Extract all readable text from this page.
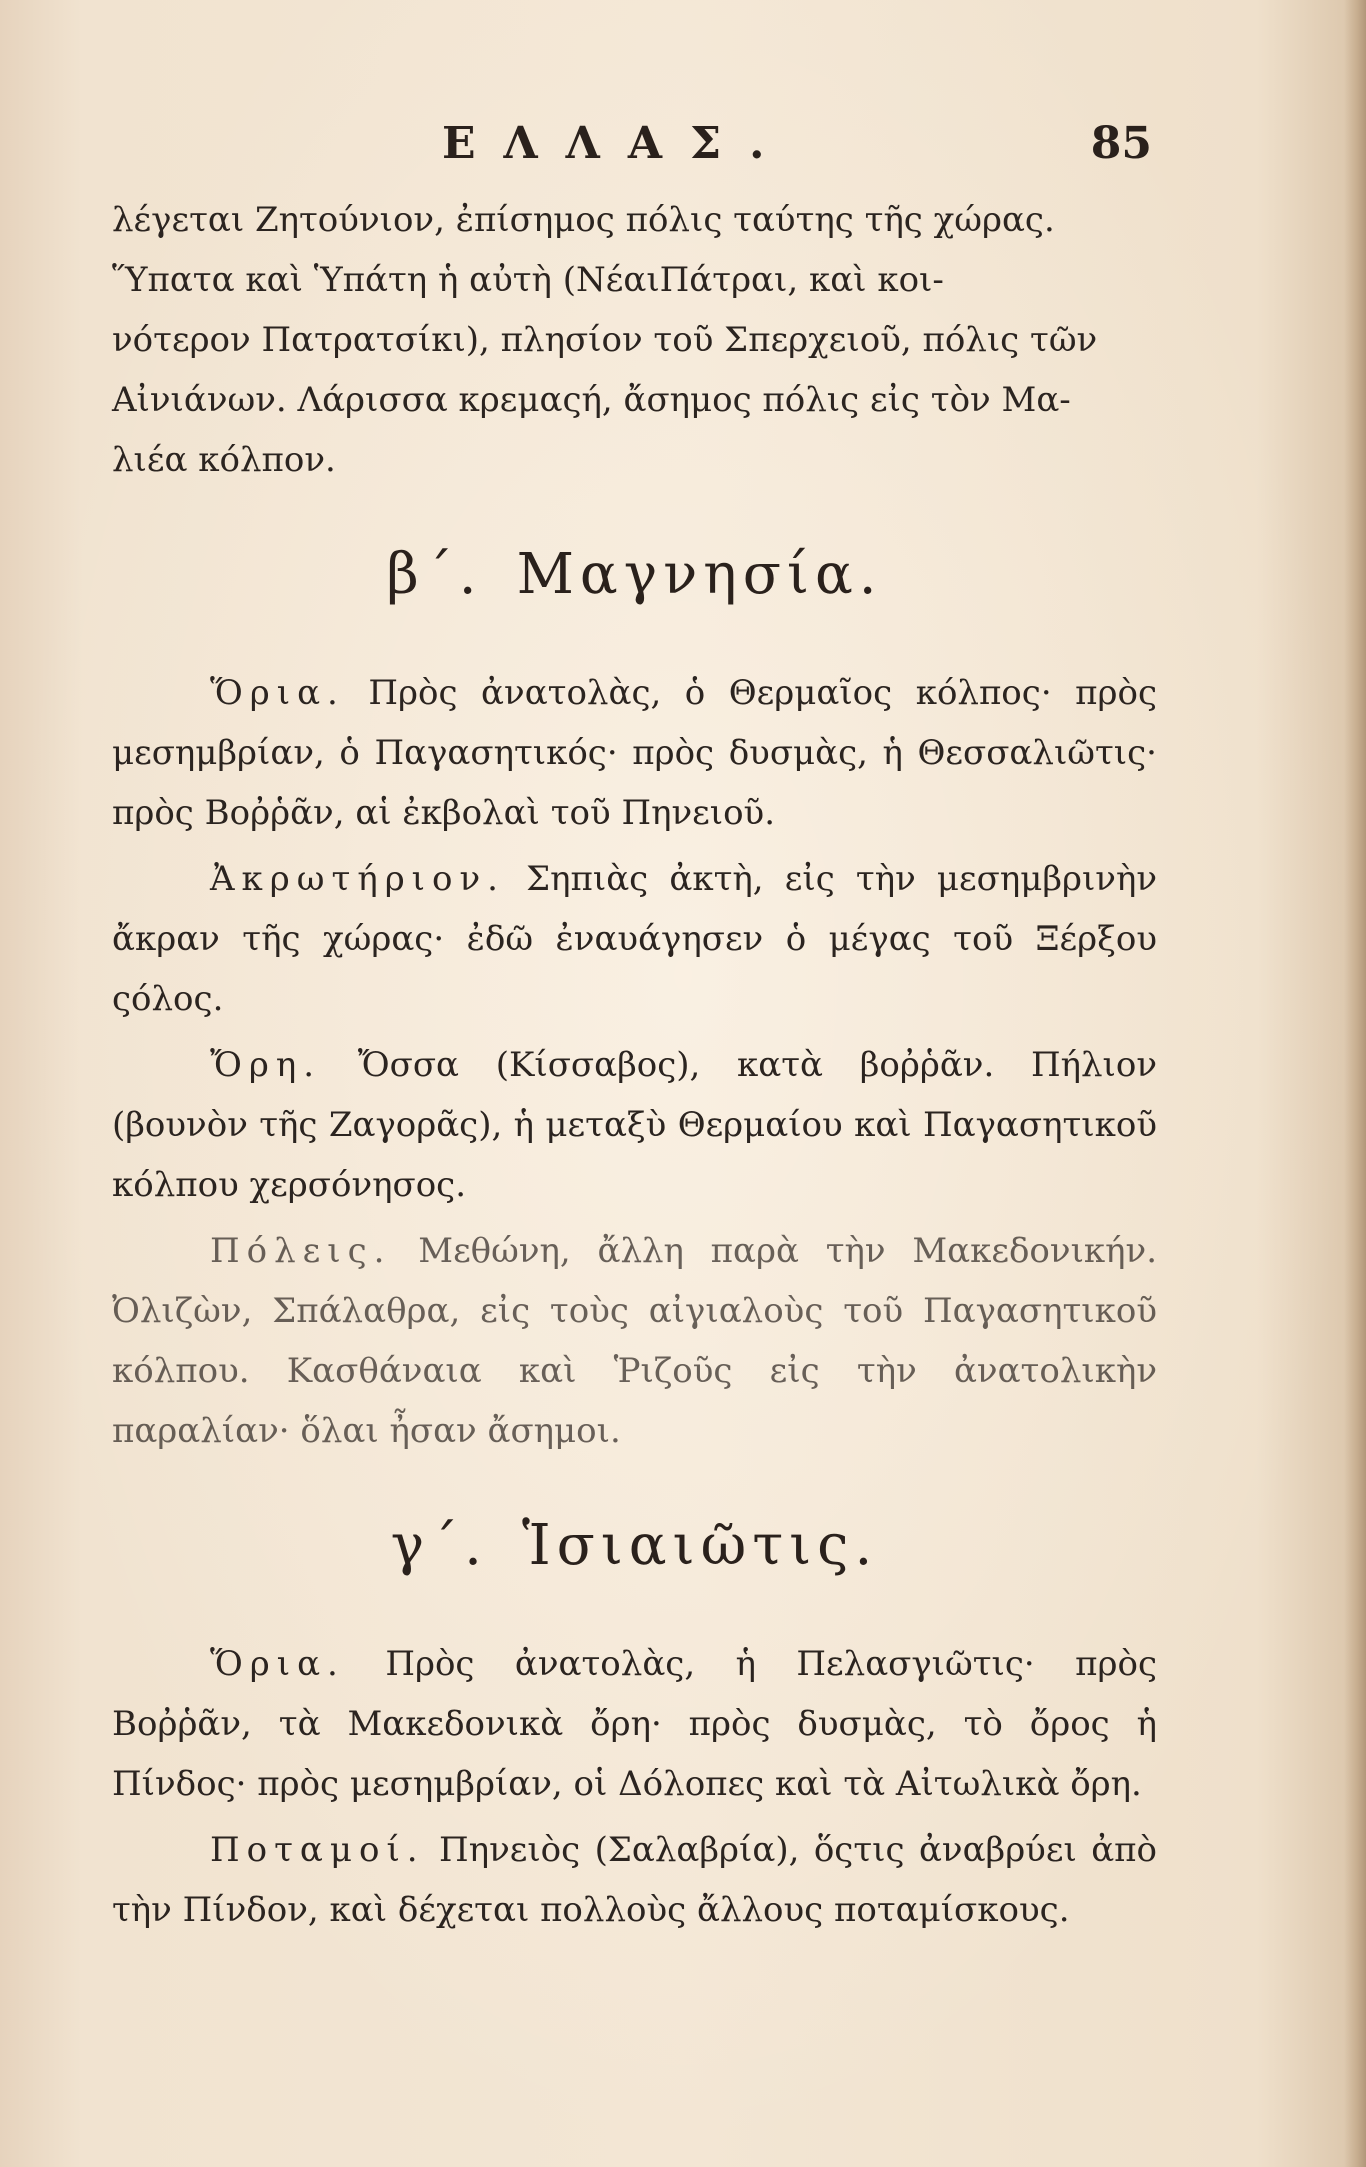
ΕΛΛΑΣ.	85

λέγεται Ζητούνιον, ἐπίσημος πόλις ταύτης τῆς χώρας.

Ὕπατα καὶ Ὑπάτη ἡ αὐτὴ (ΝέαιΠάτραι, καὶ κοι-

νότερον Πατρατσίκι), πλησίον τοῦ Σπερχειοῦ, πόλις τῶν

Αἰνιάνων. Λάρισσα κρεμαςή, ἄσημος πόλις εἰς τὸν Μα-

λιέα κόλπον.

β΄. Μαγνησία.

Ὅρια. Πρὸς ἀνατολὰς, ὁ Θερμαῖος κόλπος· πρὸς μεσημβρίαν, ὁ Παγασητικός· πρὸς δυσμὰς, ἡ Θεσσαλιῶτις· πρὸς Βοῤῥᾶν, αἱ ἐκβολαὶ τοῦ Πηνειοῦ.

Ἀκρωτήριον. Σηπιὰς ἀκτὴ, εἰς τὴν μεσημβρινὴν ἄκραν τῆς χώρας· ἐδῶ ἐναυάγησεν ὁ μέγας τοῦ Ξέρξου ςόλος.

Ὄρη. Ὄσσα (Κίσσαβος), κατὰ βοῤῥᾶν. Πήλιον (βουνὸν τῆς Ζαγορᾶς), ἡ μεταξὺ Θερμαίου καὶ Παγασητικοῦ κόλπου χερσόνησος.

Πόλεις. Μεθώνη, ἄλλη παρὰ τὴν Μακεδονικήν. Ὀλιζὼν, Σπάλαθρα, εἰς τοὺς αἰγιαλοὺς τοῦ Παγασητικοῦ κόλπου. Κασθάναια καὶ Ῥιζοῦς εἰς τὴν ἀνατολικὴν παραλίαν· ὅλαι ἦσαν ἄσημοι.

γ΄. Ἱσιαιῶτις.

Ὅρια. Πρὸς ἀνατολὰς, ἡ Πελασγιῶτις· πρὸς Βοῤῥᾶν, τὰ Μακεδονικὰ ὄρη· πρὸς δυσμὰς, τὸ ὄρος ἡ Πίνδος· πρὸς μεσημβρίαν, οἱ Δόλοπες καὶ τὰ Αἰτωλικὰ ὄρη.

Ποταμοί. Πηνειὸς (Σαλαβρία), ὅςτις ἀναβρύει ἀπὸ τὴν Πίνδον, καὶ δέχεται πολλοὺς ἄλλους ποταμίσκους.
